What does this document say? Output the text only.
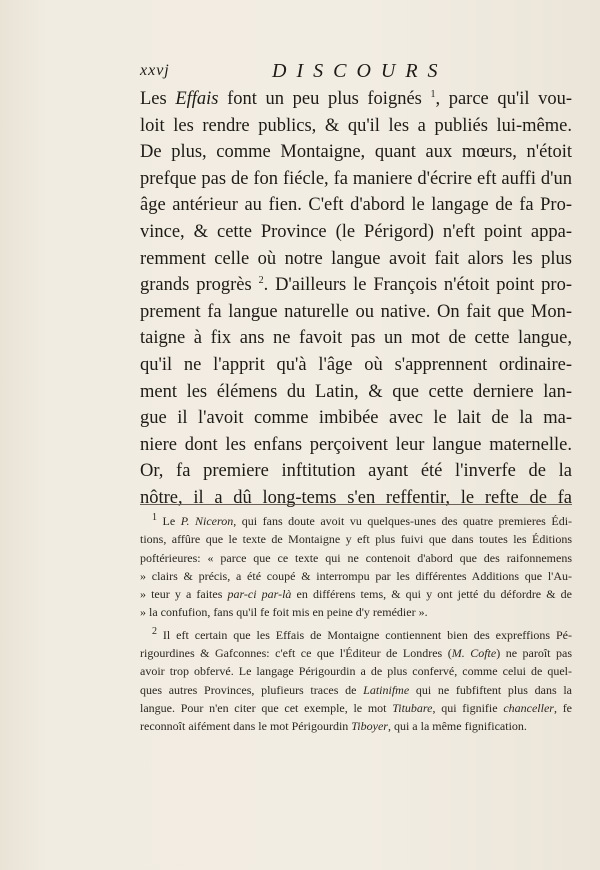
xxvj	DISCOURS
Les Effais font un peu plus foignés $^1$, parce qu'il vou-
loit les rendre publics, & qu'il les a publiés lui-même.
De plus, comme Montaigne, quant aux mœurs, n'étoit
prefque pas de fon fiécle, fa maniere d'écrire eft auffi d'un
âge antérieur au fien. C'eft d'abord le langage de fa Pro-
vince, & cette Province (le Périgord) n'eft point appa-
remment celle où notre langue avoit fait alors les plus
grands progrès $^2$. D'ailleurs le François n'étoit point pro-
prement fa langue naturelle ou native. On fait que Mon-
taigne à fix ans ne favoit pas un mot de cette langue,
qu'il ne l'apprit qu'à l'âge où s'apprennent ordinaire-
ment les élémens du Latin, & que cette derniere lan-
gue il l'avoit comme imbibée avec le lait de la ma-
niere dont les enfans perçoivent leur langue maternelle.
Or, fa premiere inftitution ayant été l'inverfe de la
nôtre, il a dû long-tems s'en reffentir, le refte de fa
 $^1$ Le P. Niceron, qui fans doute avoit vu quelques-unes des quatre premieres Édi-
tions, affûre que le texte de Montaigne y eft plus fuivi que dans toutes les Éditions
poftérieures: « parce que ce texte qui ne contenoit d'abord que des raifonnemens
» clairs & précis, a été coupé & interrompu par les différentes Additions que l'Au-
» teur y a faites par-ci par-là en différens tems, & qui y ont jetté du défordre & de
» la confufion, fans qu'il fe foit mis en peine d'y remédier ».
 $^2$ Il eft certain que les Effais de Montaigne contiennent bien des expreffions Pé-
rigourdines & Gafconnes: c'eft ce que l'Éditeur de Londres (M. Cofte) ne paroît pas
avoir trop obfervé. Le langage Périgourdin a de plus confervé, comme celui de quel-
ques autres Provinces, plufieurs traces de Latinifme qui ne fubfiftent plus dans la
langue. Pour n'en citer que cet exemple, le mot Titubare, qui fignifie chanceller, fe
reconnoît aifément dans le mot Périgourdin Tiboyer, qui a la même fignification.
